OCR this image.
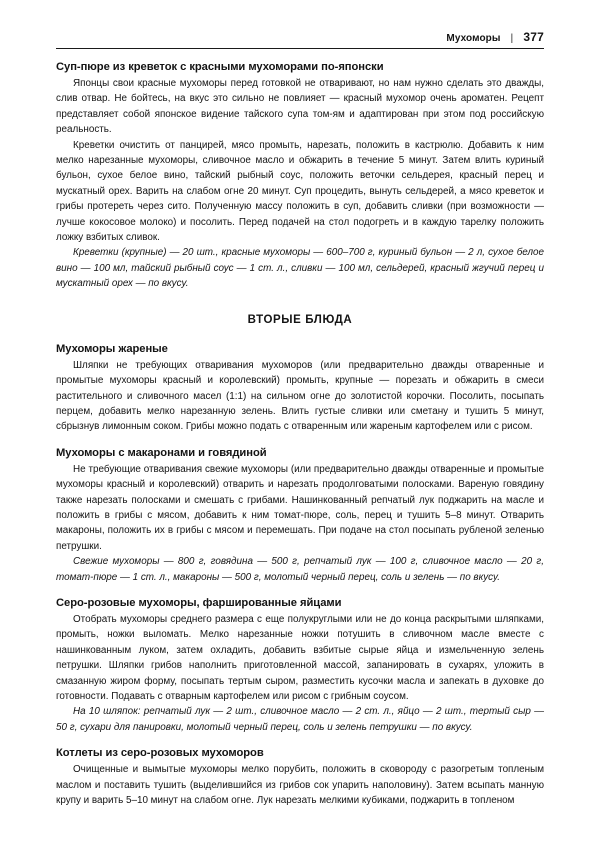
Мухоморы | 377
Суп-пюре из креветок с красными мухоморами по-японски

Японцы свои красные мухоморы перед готовкой не отваривают, но нам нужно сделать это дважды, слив отвар. Не бойтесь, на вкус это сильно не повлияет — красный мухомор очень ароматен. Рецепт представляет собой японское видение тайского супа том-ям и адаптирован при этом под российскую реальность.

Креветки очистить от панцирей, мясо промыть, нарезать, положить в кастрюлю. Добавить к ним мелко нарезанные мухоморы, сливочное масло и обжарить в течение 5 минут. Затем влить куриный бульон, сухое белое вино, тайский рыбный соус, положить веточки сельдерея, красный перец и мускатный орех. Варить на слабом огне 20 минут. Суп процедить, вынуть сельдерей, а мясо креветок и грибы протереть через сито. Полученную массу положить в суп, добавить сливки (при возможности — лучше кокосовое молоко) и посолить. Перед подачей на стол подогреть и в каждую тарелку положить ложку взбитых сливок.

Креветки (крупные) — 20 шт., красные мухоморы — 600–700 г, куриный бульон — 2 л, сухое белое вино — 100 мл, тайский рыбный соус — 1 ст. л., сливки — 100 мл, сельдерей, красный жгучий перец и мускатный орех — по вкусу.

ВТОРЫЕ БЛЮДА
Мухоморы жареные

Шляпки не требующих отваривания мухоморов (или предварительно дважды отваренные и промытые мухоморы красный и королевский) промыть, крупные — порезать и обжарить в смеси растительного и сливочного масел (1:1) на сильном огне до золотистой корочки. Посолить, посыпать перцем, добавить мелко нарезанную зелень. Влить густые сливки или сметану и тушить 5 минут, сбрызнув лимонным соком. Грибы можно подать с отваренным или жареным картофелем или с рисом.

Мухоморы с макаронами и говядиной

Не требующие отваривания свежие мухоморы (или предварительно дважды отваренные и промытые мухоморы красный и королевский) отварить и нарезать продолговатыми полосками. Вареную говядину также нарезать полосками и смешать с грибами. Нашинкованный репчатый лук поджарить на масле и положить в грибы с мясом, добавить к ним томат-пюре, соль, перец и тушить 5–8 минут. Отварить макароны, положить их в грибы с мясом и перемешать. При подаче на стол посыпать рубленой зеленью петрушки.

Свежие мухоморы — 800 г, говядина — 500 г, репчатый лук — 100 г, сливочное масло — 20 г, томат-пюре — 1 ст. л., макароны — 500 г, молотый черный перец, соль и зелень — по вкусу.

Серо-розовые мухоморы, фаршированные яйцами

Отобрать мухоморы среднего размера с еще полукруглыми или не до конца раскрытыми шляпками, промыть, ножки выломать. Мелко нарезанные ножки потушить в сливочном масле вместе с нашинкованным луком, затем охладить, добавить взбитые сырые яйца и измельченную зелень петрушки. Шляпки грибов наполнить приготовленной массой, запанировать в сухарях, уложить в смазанную жиром форму, посыпать тертым сыром, разместить кусочки масла и запекать в духовке до готовности. Подавать с отварным картофелем или рисом с грибным соусом.

На 10 шляпок: репчатый лук — 2 шт., сливочное масло — 2 ст. л., яйцо — 2 шт., тертый сыр — 50 г, сухари для панировки, молотый черный перец, соль и зелень петрушки — по вкусу.

Котлеты из серо-розовых мухоморов

Очищенные и вымытые мухоморы мелко порубить, положить в сковороду с разогретым топленым маслом и поставить тушить (выделившийся из грибов сок упарить наполовину). Затем всыпать манную крупу и варить 5–10 минут на слабом огне. Лук нарезать мелкими кубиками, поджарить в топленом
